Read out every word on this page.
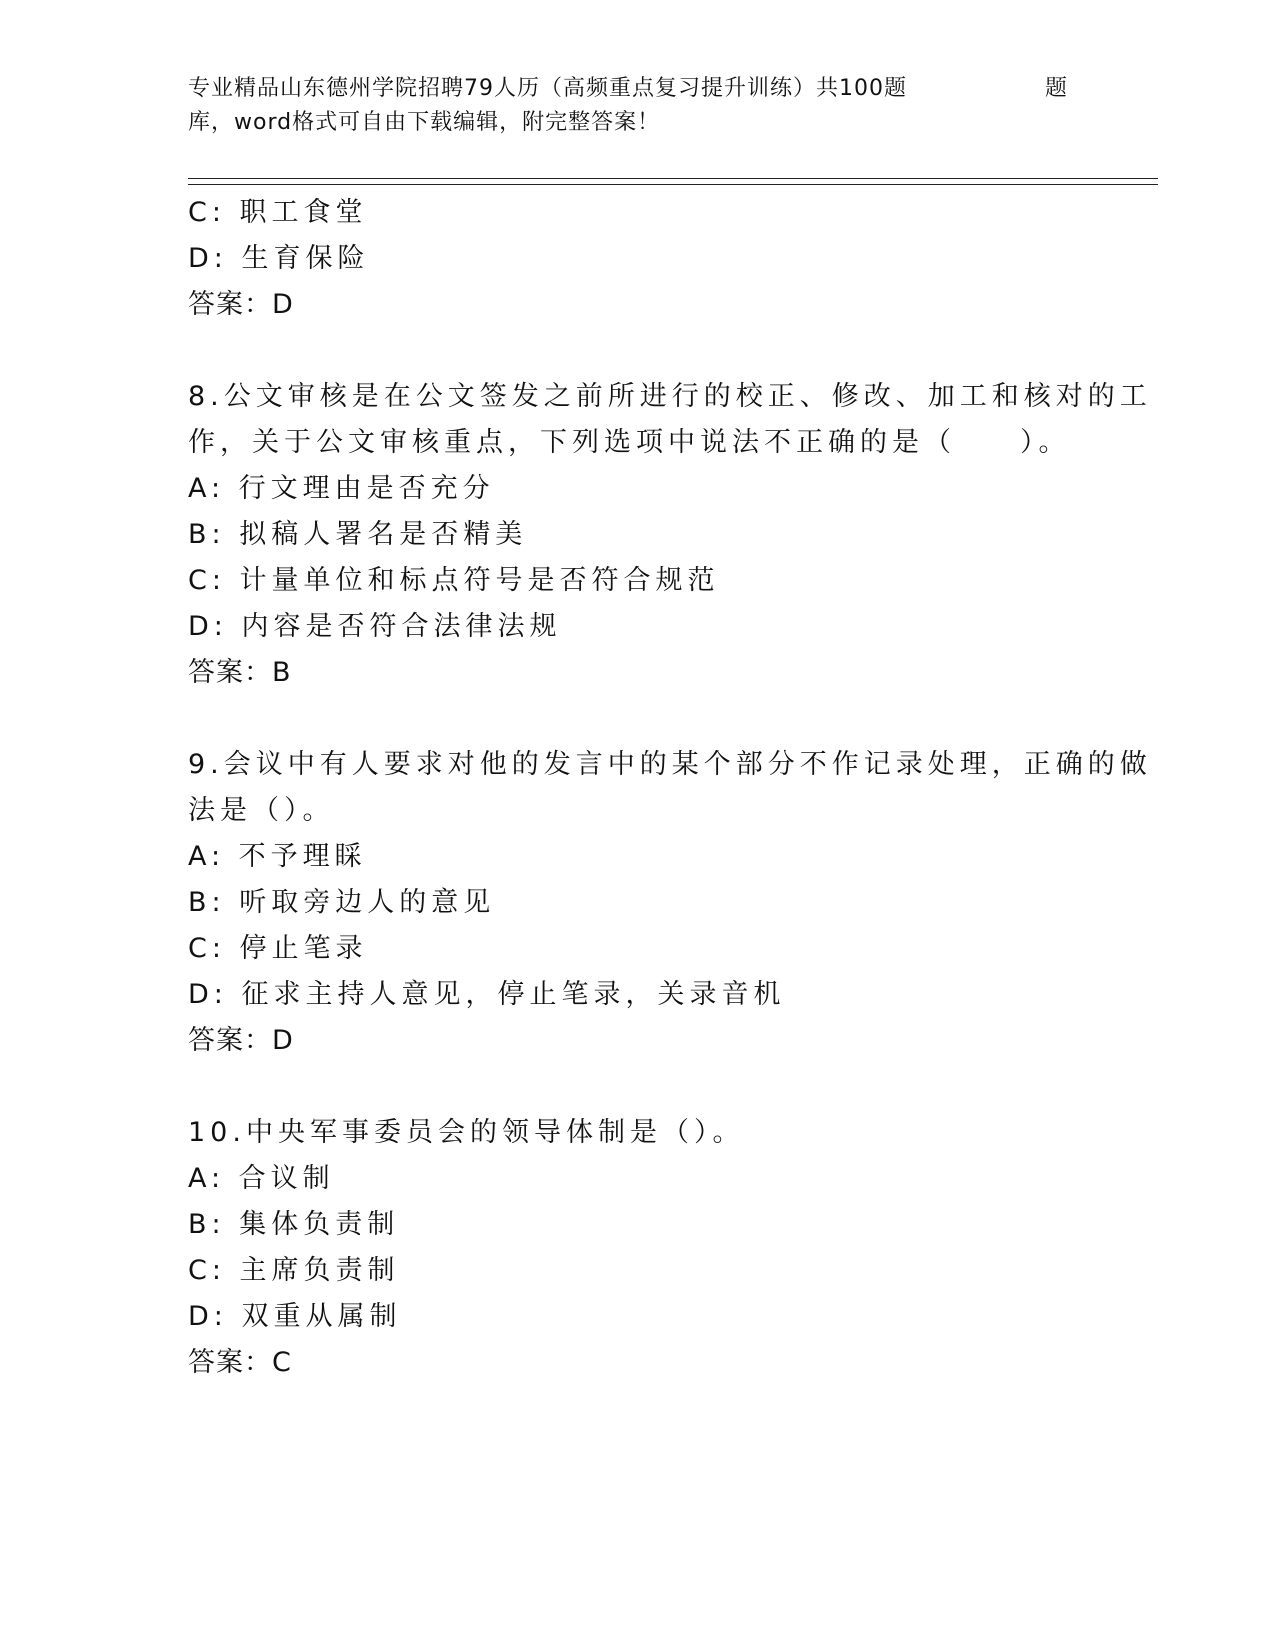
专业精品山东德州学院招聘79人历（高频重点复习提升训练）共100题	题
库，word格式可自由下载编辑，附完整答案！
C: 职工食堂
D: 生育保险
答案：D
8.公文审核是在公文签发之前所进行的校正、修改、加工和核对的工
作，关于公文审核重点，下列选项中说法不正确的是（　　）。
A: 行文理由是否充分
B: 拟稿人署名是否精美
C: 计量单位和标点符号是否符合规范
D: 内容是否符合法律法规
答案：B
9.会议中有人要求对他的发言中的某个部分不作记录处理，正确的做
法是（）。
A: 不予理睬
B: 听取旁边人的意见
C: 停止笔录
D: 征求主持人意见，停止笔录，关录音机
答案：D
10.中央军事委员会的领导体制是（）。
A: 合议制
B: 集体负责制
C: 主席负责制
D: 双重从属制
答案：C
